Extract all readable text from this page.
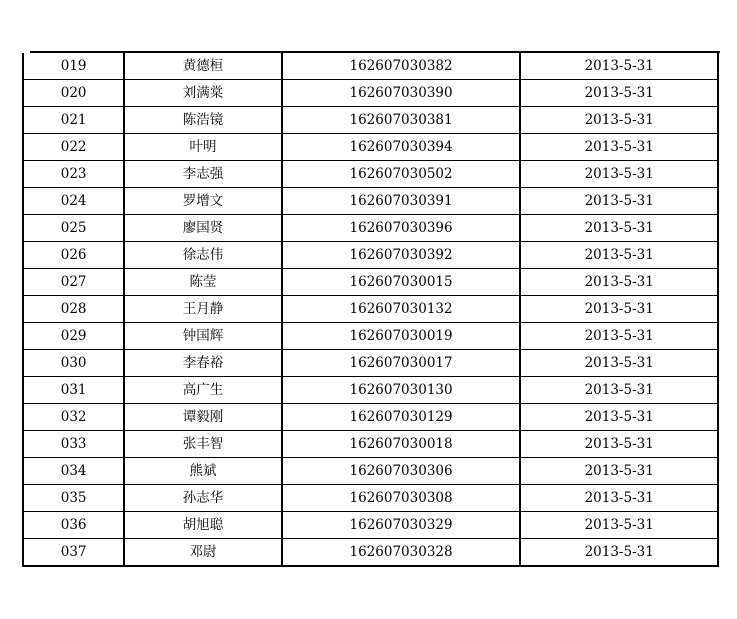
019	黄德桓	162607030382	2013-5-31
020	刘满棠	162607030390	2013-5-31
021	陈浩镜	162607030381	2013-5-31
022	叶明	162607030394	2013-5-31
023	李志强	162607030502	2013-5-31
024	罗增文	162607030391	2013-5-31
025	廖国贤	162607030396	2013-5-31
026	徐志伟	162607030392	2013-5-31
027	陈莹	162607030015	2013-5-31
028	王月静	162607030132	2013-5-31
029	钟国辉	162607030019	2013-5-31
030	李春裕	162607030017	2013-5-31
031	高广生	162607030130	2013-5-31
032	谭毅刚	162607030129	2013-5-31
033	张丰智	162607030018	2013-5-31
034	熊斌	162607030306	2013-5-31
035	孙志华	162607030308	2013-5-31
036	胡旭聪	162607030329	2013-5-31
037	邓尉	162607030328	2013-5-31
